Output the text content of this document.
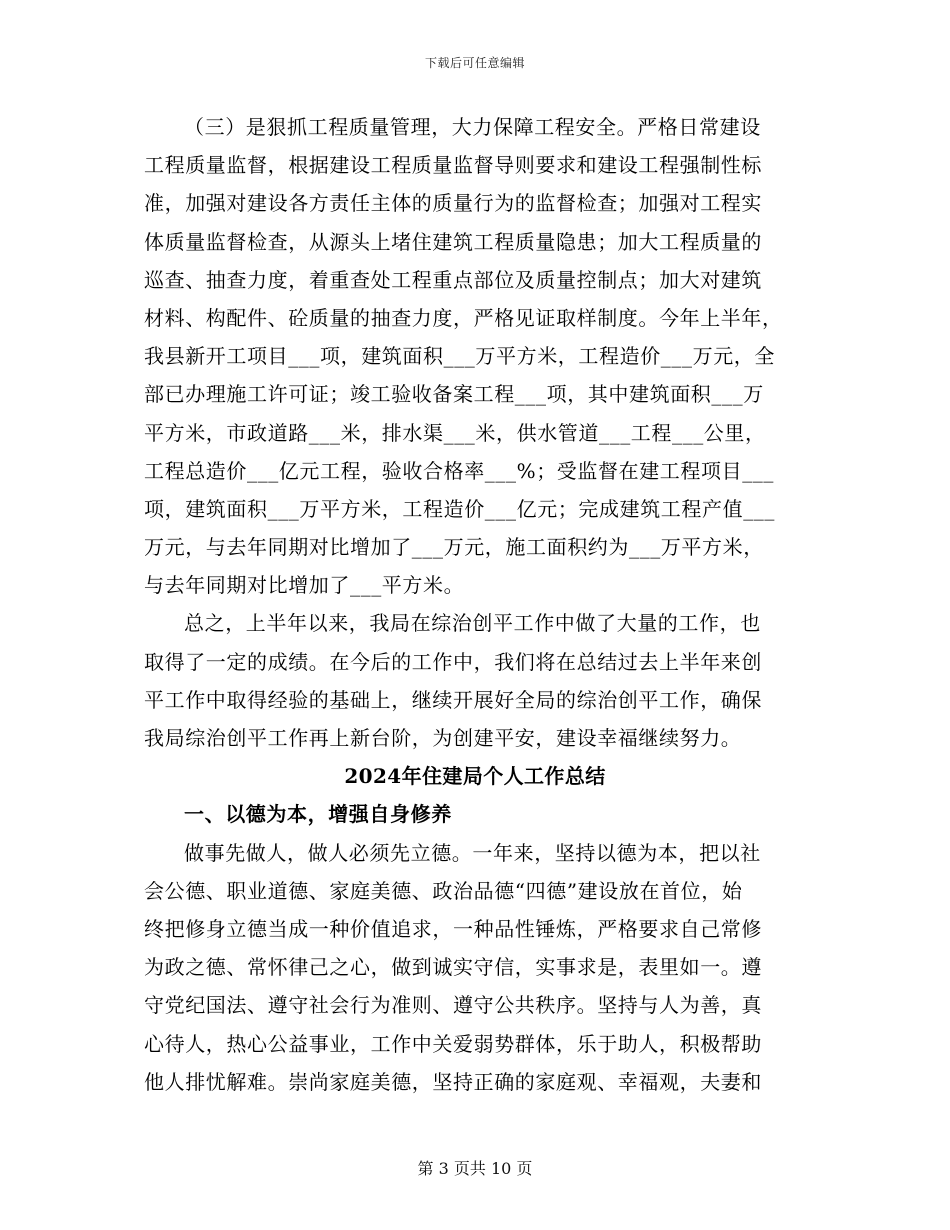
下载后可任意编辑
（三）是狠抓工程质量管理，大力保障工程安全。严格日常建设
工程质量监督，根据建设工程质量监督导则要求和建设工程强制性标
准，加强对建设各方责任主体的质量行为的监督检查；加强对工程实
体质量监督检查，从源头上堵住建筑工程质量隐患；加大工程质量的
巡查、抽查力度，着重查处工程重点部位及质量控制点；加大对建筑
材料、构配件、砼质量的抽查力度，严格见证取样制度。今年上半年，
我县新开工项目___项，建筑面积___万平方米，工程造价___万元，全
部已办理施工许可证；竣工验收备案工程___项，其中建筑面积___万
平方米，市政道路___米，排水渠___米，供水管道___工程___公里，
工程总造价___亿元工程，验收合格率___%；受监督在建工程项目___
项，建筑面积___万平方米，工程造价___亿元；完成建筑工程产值___
万元，与去年同期对比增加了___万元，施工面积约为___万平方米，
与去年同期对比增加了___平方米。
总之，上半年以来，我局在综治创平工作中做了大量的工作，也
取得了一定的成绩。在今后的工作中，我们将在总结过去上半年来创
平工作中取得经验的基础上，继续开展好全局的综治创平工作，确保
我局综治创平工作再上新台阶，为创建平安，建设幸福继续努力。
2024年住建局个人工作总结
一、以德为本，增强自身修养
做事先做人，做人必须先立德。一年来，坚持以德为本，把以社
会公德、职业道德、家庭美德、政治品德“四德”建设放在首位，始
终把修身立德当成一种价值追求，一种品性锤炼，严格要求自己常修
为政之德、常怀律己之心，做到诚实守信，实事求是，表里如一。遵
守党纪国法、遵守社会行为准则、遵守公共秩序。坚持与人为善，真
心待人，热心公益事业，工作中关爱弱势群体，乐于助人，积极帮助
他人排忧解难。崇尚家庭美德，坚持正确的家庭观、幸福观，夫妻和
第 3 页共 10 页
